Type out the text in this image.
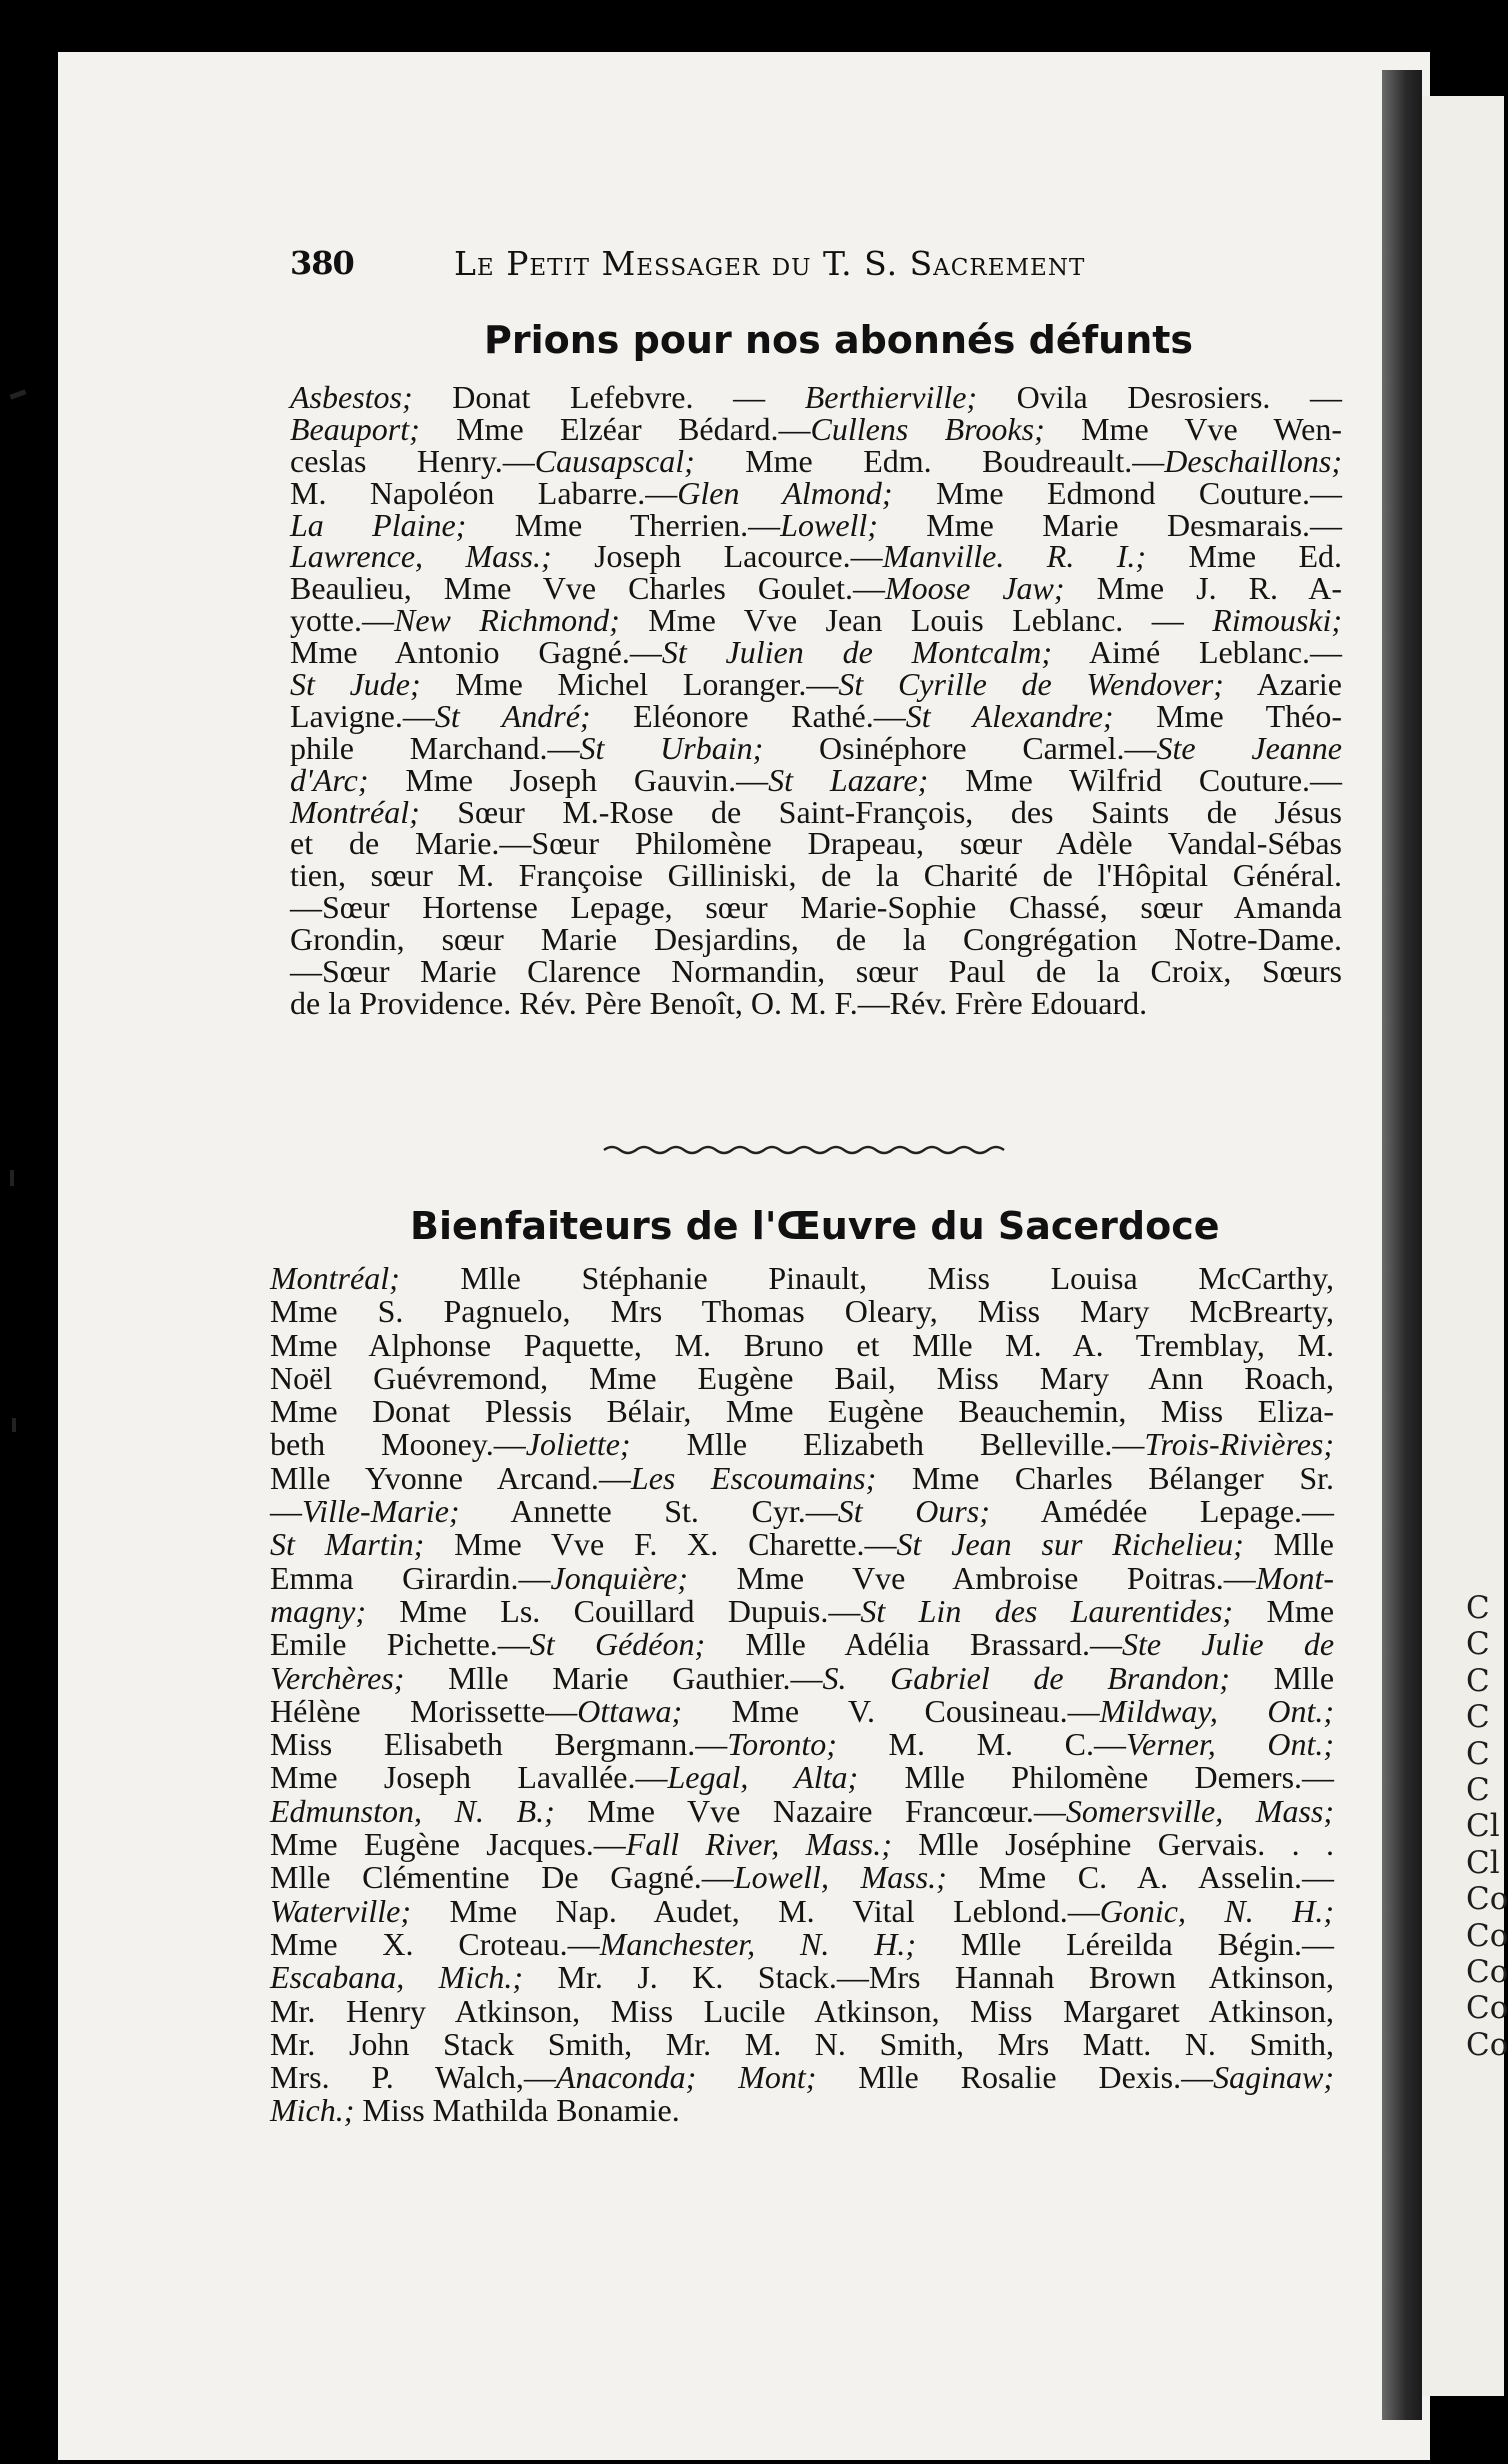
C
C
C
C
C
C
Cl
Cl
Co
Co
Co
Co
Co
380	Le Petit Messager du T. S. Sacrement
Prions pour nos abonnés défunts
Asbestos; Donat Lefebvre. — Berthierville; Ovila Desrosiers. —
Beauport; Mme Elzéar Bédard.—Cullens Brooks; Mme Vve Wen-
ceslas Henry.—Causapscal; Mme Edm. Boudreault.—Deschaillons;
M. Napoléon Labarre.—Glen Almond; Mme Edmond Couture.—
La Plaine; Mme Therrien.—Lowell; Mme Marie Desmarais.—
Lawrence, Mass.; Joseph Lacource.—Manville. R. I.; Mme Ed.
Beaulieu, Mme Vve Charles Goulet.—Moose Jaw; Mme J. R. A-
yotte.—New Richmond; Mme Vve Jean Louis Leblanc. — Rimouski;
Mme Antonio Gagné.—St Julien de Montcalm; Aimé Leblanc.—
St Jude; Mme Michel Loranger.—St Cyrille de Wendover; Azarie
Lavigne.—St André; Eléonore Rathé.—St Alexandre; Mme Théo-
phile Marchand.—St Urbain; Osinéphore Carmel.—Ste Jeanne
d'Arc; Mme Joseph Gauvin.—St Lazare; Mme Wilfrid Couture.—
Montréal; Sœur M.-Rose de Saint-François, des Saints de Jésus
et de Marie.—Sœur Philomène Drapeau, sœur Adèle Vandal-Sébas
tien, sœur M. Françoise Gilliniski, de la Charité de l'Hôpital Général.
—Sœur Hortense Lepage, sœur Marie-Sophie Chassé, sœur Amanda
Grondin, sœur Marie Desjardins, de la Congrégation Notre-Dame.
—Sœur Marie Clarence Normandin, sœur Paul de la Croix, Sœurs
de la Providence. Rév. Père Benoît, O. M. F.—Rév. Frère Edouard.
Bienfaiteurs de l'Œuvre du Sacerdoce
Montréal; Mlle Stéphanie Pinault, Miss Louisa McCarthy,
Mme S. Pagnuelo, Mrs Thomas Oleary, Miss Mary McBrearty,
Mme Alphonse Paquette, M. Bruno et Mlle M. A. Tremblay, M.
Noël Guévremond, Mme Eugène Bail, Miss Mary Ann Roach,
Mme Donat Plessis Bélair, Mme Eugène Beauchemin, Miss Eliza-
beth Mooney.—Joliette; Mlle Elizabeth Belleville.—Trois-Rivières;
Mlle Yvonne Arcand.—Les Escoumains; Mme Charles Bélanger Sr.
—Ville-Marie; Annette St. Cyr.—St Ours; Amédée Lepage.—
St Martin; Mme Vve F. X. Charette.—St Jean sur Richelieu; Mlle
Emma Girardin.—Jonquière; Mme Vve Ambroise Poitras.—Mont-
magny; Mme Ls. Couillard Dupuis.—St Lin des Laurentides; Mme
Emile Pichette.—St Gédéon; Mlle Adélia Brassard.—Ste Julie de
Verchères; Mlle Marie Gauthier.—S. Gabriel de Brandon; Mlle
Hélène Morissette—Ottawa; Mme V. Cousineau.—Mildway, Ont.;
Miss Elisabeth Bergmann.—Toronto; M. M. C.—Verner, Ont.;
Mme Joseph Lavallée.—Legal, Alta; Mlle Philomène Demers.—
Edmunston, N. B.; Mme Vve Nazaire Francœur.—Somersville, Mass;
Mme Eugène Jacques.—Fall River, Mass.; Mlle Joséphine Gervais. . .
Mlle Clémentine De Gagné.—Lowell, Mass.; Mme C. A. Asselin.—
Waterville; Mme Nap. Audet, M. Vital Leblond.—Gonic, N. H.;
Mme X. Croteau.—Manchester, N. H.; Mlle Léreilda Bégin.—
Escabana, Mich.; Mr. J. K. Stack.—Mrs Hannah Brown Atkinson,
Mr. Henry Atkinson, Miss Lucile Atkinson, Miss Margaret Atkinson,
Mr. John Stack Smith, Mr. M. N. Smith, Mrs Matt. N. Smith,
Mrs. P. Walch,—Anaconda; Mont; Mlle Rosalie Dexis.—Saginaw;
Mich.; Miss Mathilda Bonamie.
